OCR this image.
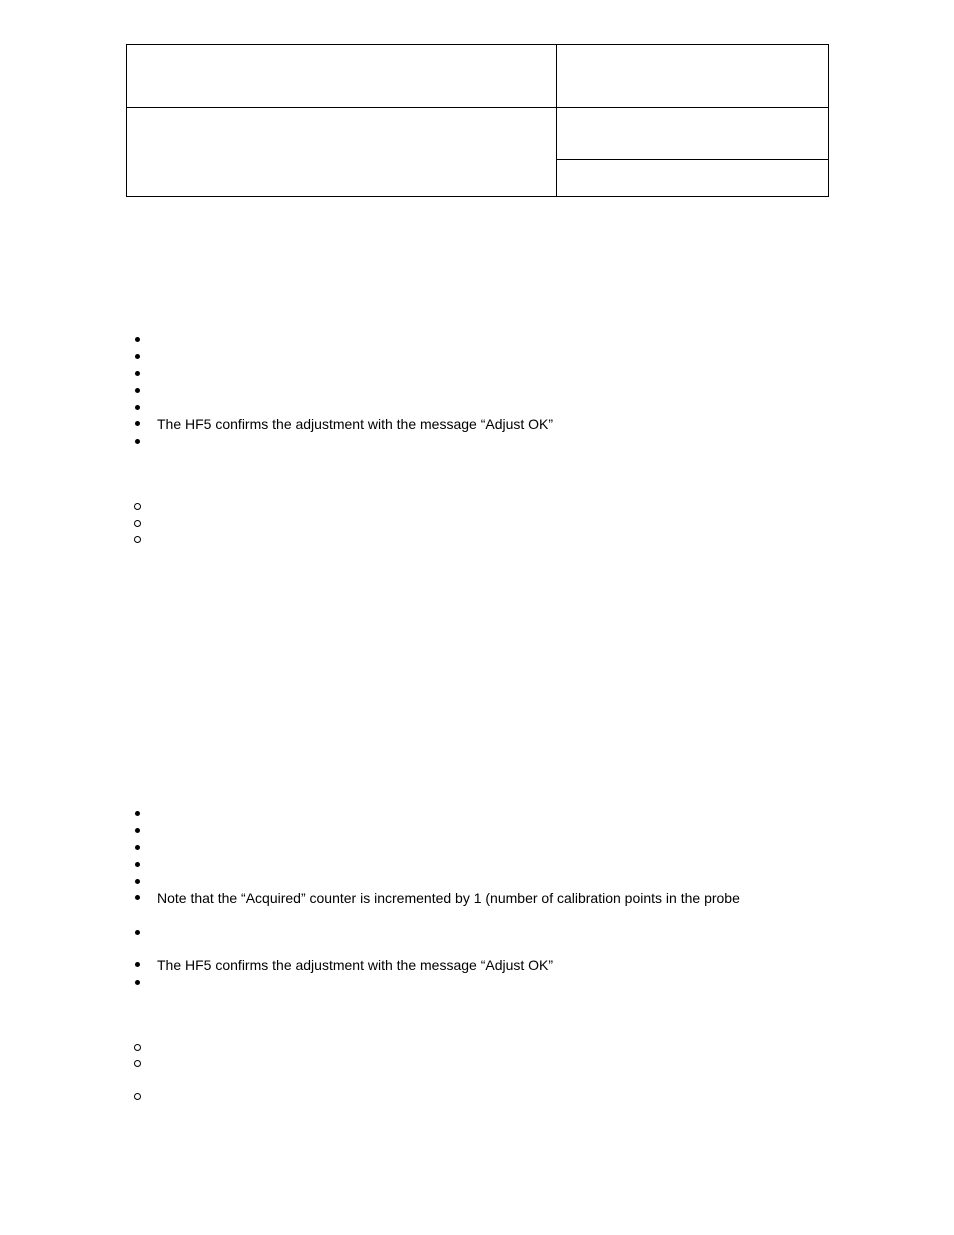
The HF5 confirms the adjustment with the message “Adjust OK”
Note that the “Acquired” counter is incremented by 1 (number of calibration points in the probe
The HF5 confirms the adjustment with the message “Adjust OK”
